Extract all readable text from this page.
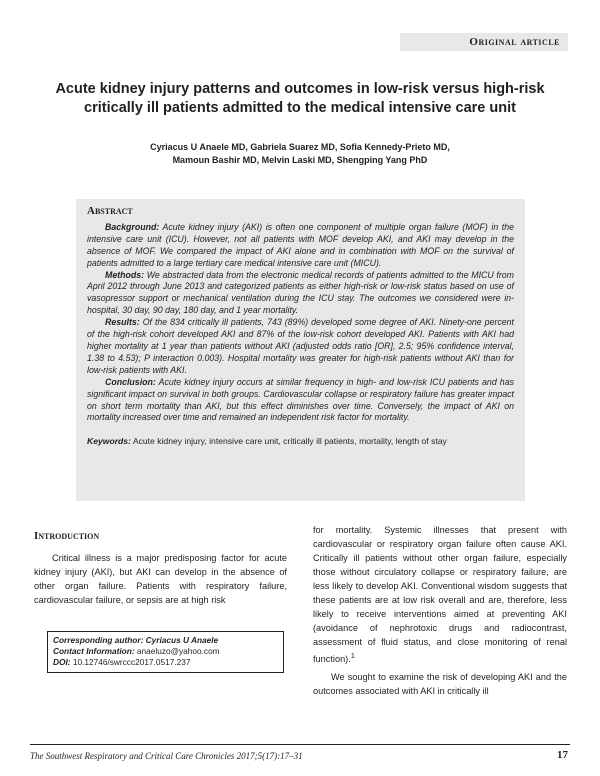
Original article
Acute kidney injury patterns and outcomes in low-risk versus high-risk critically ill patients admitted to the medical intensive care unit
Cyriacus U Anaele MD, Gabriela Suarez MD, Sofia Kennedy-Prieto MD,
Mamoun Bashir MD, Melvin Laski MD, Shengping Yang PhD
Abstract

Background: Acute kidney injury (AKI) is often one component of multiple organ failure (MOF) in the intensive care unit (ICU). However, not all patients with MOF develop AKI, and AKI may develop in the absence of MOF. We compared the impact of AKI alone and in combination with MOF on the survival of patients admitted to a large tertiary care medical intensive care unit (MICU).

Methods: We abstracted data from the electronic medical records of patients admitted to the MICU from April 2012 through June 2013 and categorized patients as either high-risk or low-risk status based on use of vasopressor support or mechanical ventilation during the ICU stay. The outcomes we considered were in-hospital, 30 day, 90 day, 180 day, and 1 year mortality.

Results: Of the 834 critically ill patients, 743 (89%) developed some degree of AKI. Ninety-one percent of the high-risk cohort developed AKI and 87% of the low-risk cohort developed AKI. Patients with AKI had higher mortality at 1 year than patients without AKI (adjusted odds ratio [OR], 2.5; 95% confidence interval, 1.38 to 4.53); P interaction 0.003). Hospital mortality was greater for high-risk patients without AKI than for low-risk patients with AKI.

Conclusion: Acute kidney injury occurs at similar frequency in high- and low-risk ICU patients and has significant impact on survival in both groups. Cardiovascular collapse or respiratory failure has greater impact on short term mortality than AKI, but this effect diminishes over time. Conversely, the impact of AKI on mortality increased over time and remained an independent risk factor for mortality.

Keywords: Acute kidney injury, intensive care unit, critically ill patients, mortality, length of stay

Introduction

Critical illness is a major predisposing factor for acute kidney injury (AKI), but AKI can develop in the absence of other organ failure. Patients with respiratory failure, cardiovascular failure, or sepsis are at high risk

for mortality. Systemic illnesses that present with cardiovascular or respiratory organ failure often cause AKI. Critically ill patients without other organ failure, especially those without circulatory collapse or respiratory failure, are less likely to develop AKI. Conventional wisdom suggests that these patients are at low risk overall and are, therefore, less likely to receive interventions aimed at preventing AKI (avoidance of nephrotoxic drugs and radiocontrast, assessment of fluid status, and close monitoring of renal function).$^1$

We sought to examine the risk of developing AKI and the outcomes associated with AKI in critically ill

Corresponding author: Cyriacus U Anaele
Contact Information: anaeluzo@yahoo.com
DOI: 10.12746/swrccc2017.0517.237
The Southwest Respiratory and Critical Care Chronicles 2017;5(17):17–31	17
